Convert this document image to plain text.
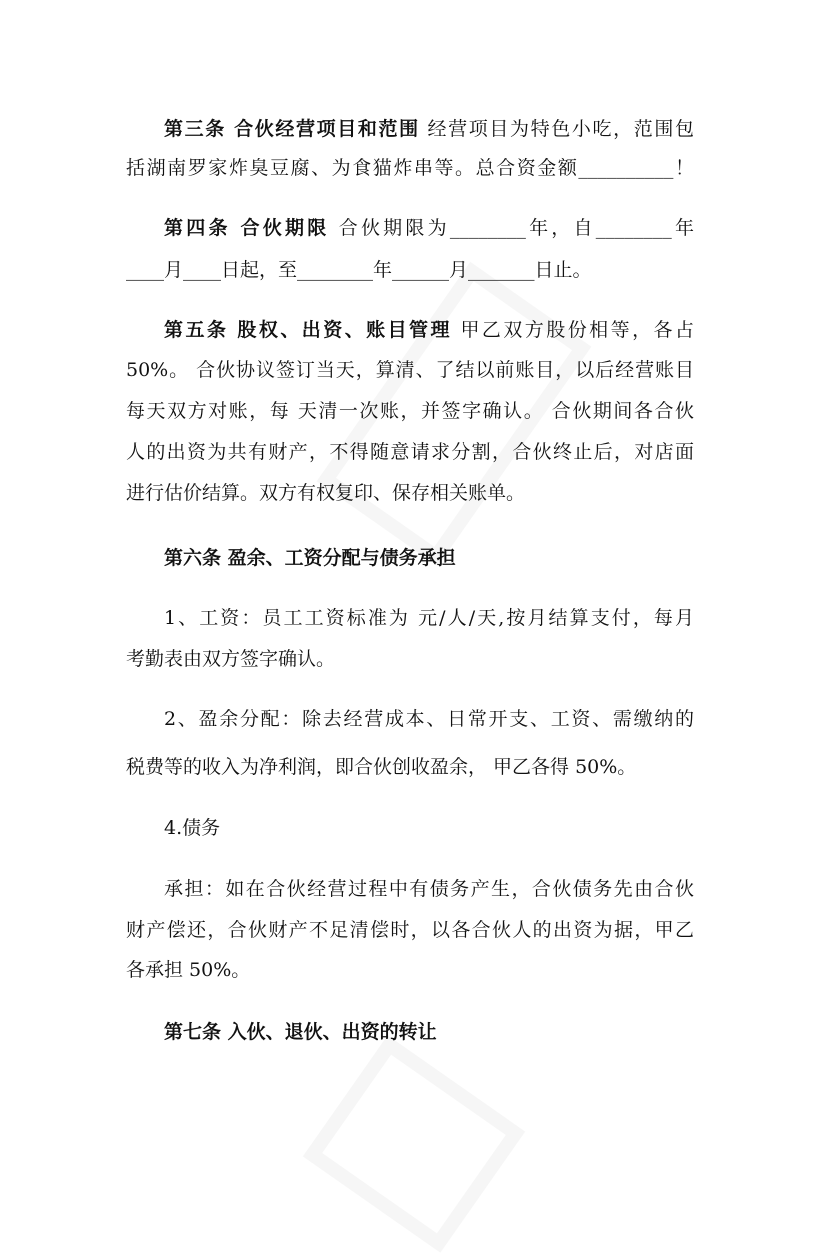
第三条 合伙经营项目和范围 经营项目为特色小吃，范围包
括湖南罗家炸臭豆腐、为食猫炸串等。总合资金额__________！
第四条 合伙期限 合伙期限为________年，自________年
____月____日起，至________年______月_______日止。
第五条 股权、出资、账目管理 甲乙双方股份相等，各占
50%。 合伙协议签订当天，算清、了结以前账目，以后经营账目
每天双方对账，每 天清一次账，并签字确认。 合伙期间各合伙
人的出资为共有财产，不得随意请求分割，合伙终止后，对店面
进行估价结算。双方有权复印、保存相关账单。
第六条 盈余、工资分配与债务承担
1、工资：员工工资标准为 元/人/天,按月结算支付，每月
考勤表由双方签字确认。
2、盈余分配：除去经营成本、日常开支、工资、需缴纳的
税费等的收入为净利润，即合伙创收盈余， 甲乙各得 50%。
4.债务
承担：如在合伙经营过程中有债务产生，合伙债务先由合伙
财产偿还，合伙财产不足清偿时，以各合伙人的出资为据，甲乙
各承担 50%。
第七条 入伙、退伙、出资的转让
